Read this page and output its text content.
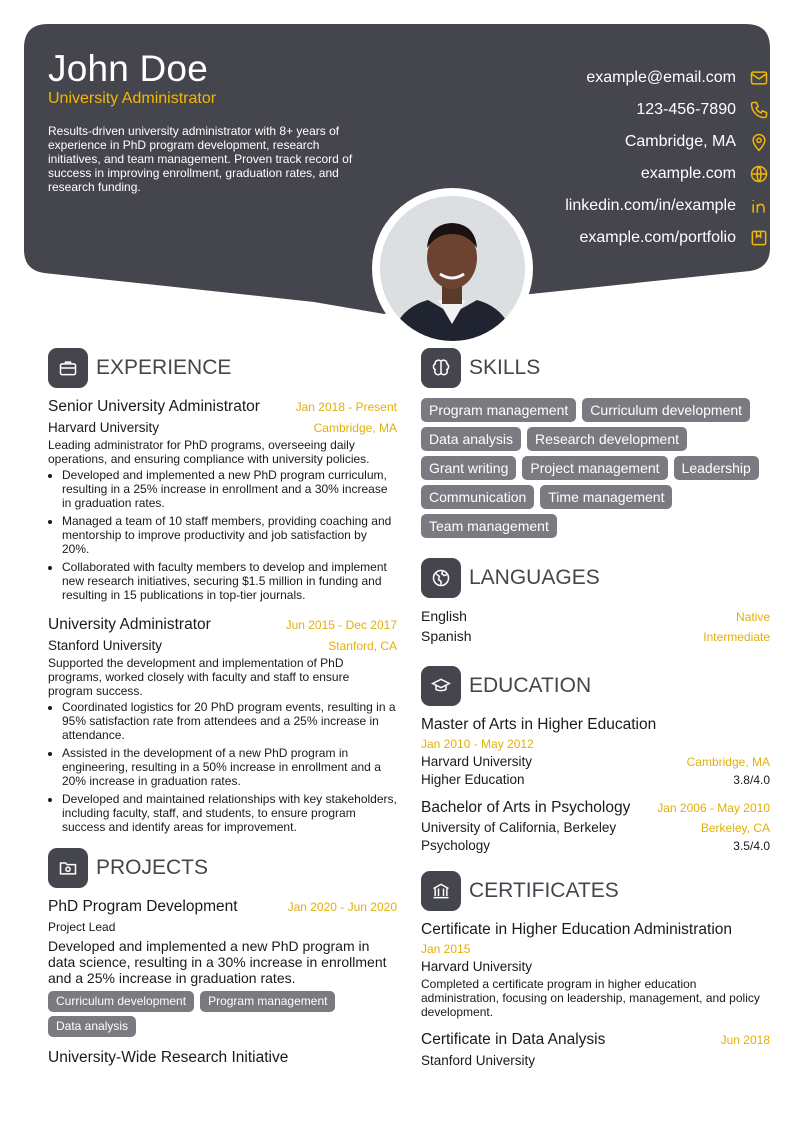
John Doe
University Administrator
Results-driven university administrator with 8+ years of experience in PhD program development, research initiatives, and team management. Proven track record of success in improving enrollment, graduation rates, and research funding.
example@email.com
123-456-7890
Cambridge, MA
example.com
linkedin.com/in/example
example.com/portfolio
EXPERIENCE
Senior University Administrator	Jan 2018 - Present
Harvard University	Cambridge, MA
Leading administrator for PhD programs, overseeing daily operations, and ensuring compliance with university policies.
• Developed and implemented a new PhD program curriculum, resulting in a 25% increase in enrollment and a 30% increase in graduation rates.
• Managed a team of 10 staff members, providing coaching and mentorship to improve productivity and job satisfaction by 20%.
• Collaborated with faculty members to develop and implement new research initiatives, securing $1.5 million in funding and resulting in 15 publications in top-tier journals.
University Administrator	Jun 2015 - Dec 2017
Stanford University	Stanford, CA
Supported the development and implementation of PhD programs, worked closely with faculty and staff to ensure program success.
• Coordinated logistics for 20 PhD program events, resulting in a 95% satisfaction rate from attendees and a 25% increase in attendance.
• Assisted in the development of a new PhD program in engineering, resulting in a 50% increase in enrollment and a 20% increase in graduation rates.
• Developed and maintained relationships with key stakeholders, including faculty, staff, and students, to ensure program success and identify areas for improvement.
PROJECTS
PhD Program Development	Jan 2020 - Jun 2020
Project Lead
Developed and implemented a new PhD program in data science, resulting in a 30% increase in enrollment and a 25% increase in graduation rates.
Curriculum development	Program management
Data analysis
University-Wide Research Initiative
SKILLS
Program management	Curriculum development
Data analysis	Research development
Grant writing	Project management	Leadership
Communication	Time management
Team management
LANGUAGES
English	Native
Spanish	Intermediate
EDUCATION
Master of Arts in Higher Education
Jan 2010 - May 2012
Harvard University	Cambridge, MA
Higher Education	3.8/4.0
Bachelor of Arts in Psychology Jan 2006 - May 2010
University of California, Berkeley	Berkeley, CA
Psychology	3.5/4.0
CERTIFICATES
Certificate in Higher Education Administration
Jan 2015
Harvard University
Completed a certificate program in higher education administration, focusing on leadership, management, and policy development.
Certificate in Data Analysis	Jun 2018
Stanford University
